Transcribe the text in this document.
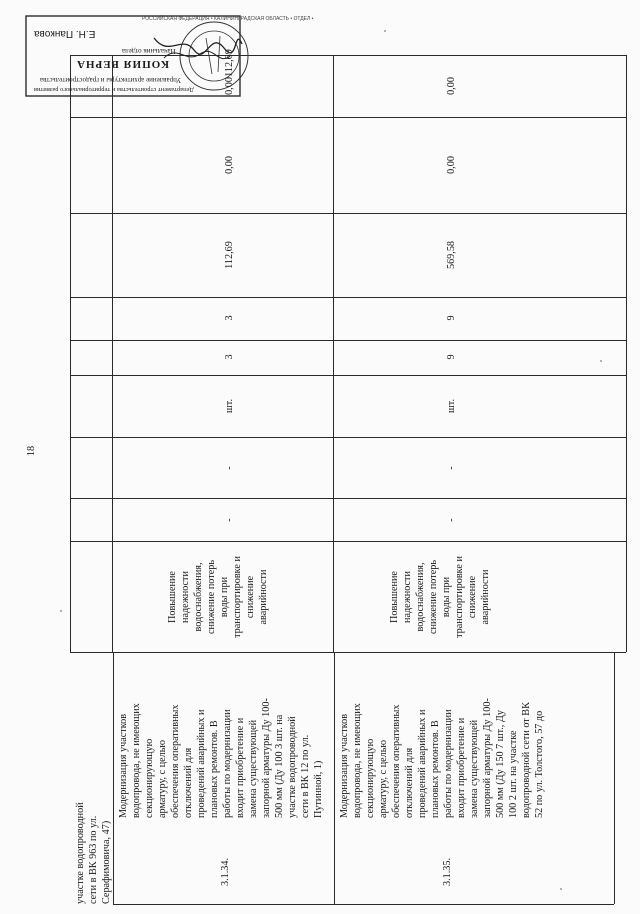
18
участке водопроводной сети в ВК 963 по ул. Серафимовича, 47)
112,69
3.1.34.
Модернизация участков водопровода, не имеющих секционирующую арматуру, с целью обеспечения оперативных отключений для проведений аварийных и плановых ремонтов. В работы по модернизации входит приобретение и замена существующей запорной арматуры Ду 100- 500 мм (Ду 100 3 шт. на участке водопроводной сети в ВК 12 по ул. Путинной, 1)
Повышение надежности водоснабжения, снижение потерь воды при транспортировке и снижение аварийности
-
-
шт.
3
3
112,69
0,00
0,00
3.1.35.
Модернизация участков водопровода, не имеющих секционирующую арматуру, с целью обеспечения оперативных отключений для проведений аварийных и плановых ремонтов. В работы по модернизации входит приобретение и замена существующей запорной арматуры Ду 100- 500 мм (Ду 150 7 шт., Ду 100 2 шт. на участке водопроводной сети от ВК 52 по ул. Толстого, 57 до
Повышение надежности водоснабжения, снижение потерь воды при транспортировке и снижение аварийности
-
-
шт.
9
9
569,58
0,00
0,00
КОПИЯ ВЕРНА
Управление архитектуры и градостроительства
Департамент строительства и территориального развития
Начальник отдела
Е.Н. Панкова
РОССИЙСКАЯ ФЕДЕРАЦИЯ • КАЛИНИНГРАДСКАЯ ОБЛАСТЬ • ОТДЕЛ •
